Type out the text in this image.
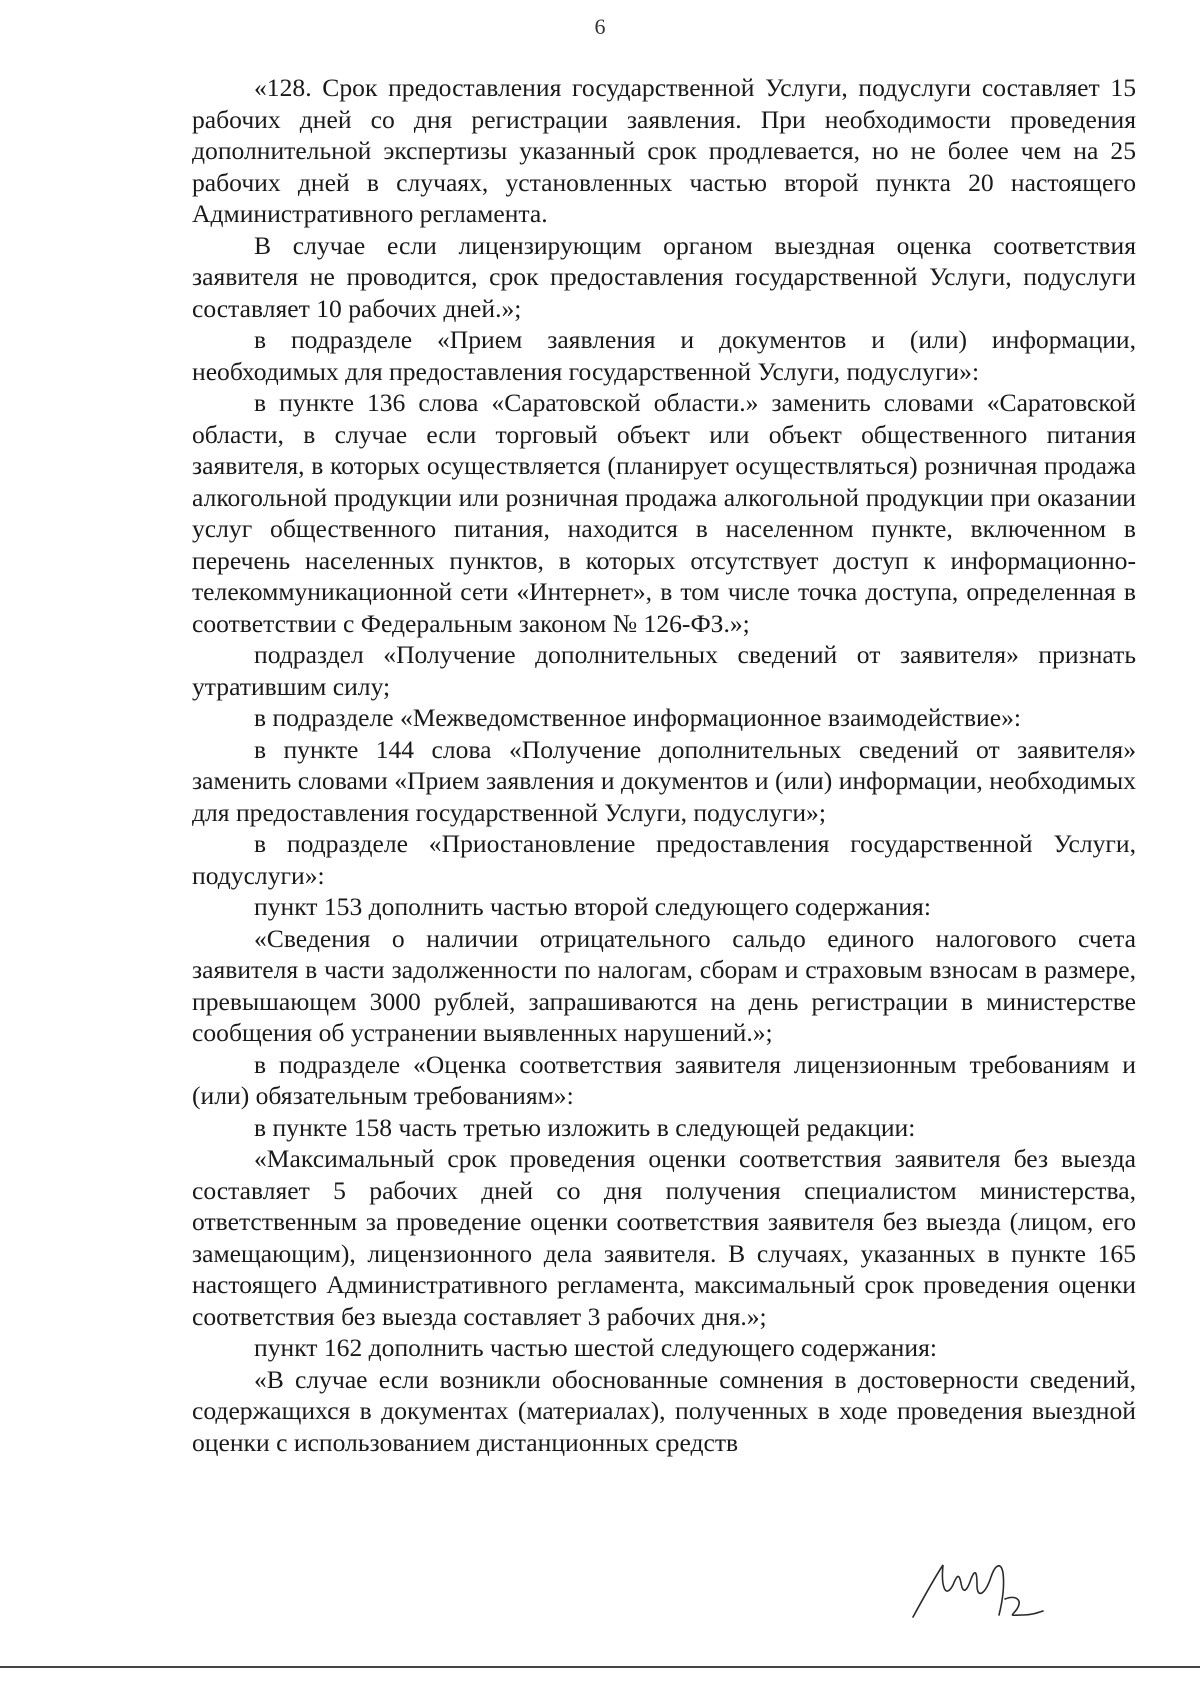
6

«128. Срок предоставления государственной Услуги, подуслуги составляет 15 рабочих дней со дня регистрации заявления. При необходимости проведения дополнительной экспертизы указанный срок продлевается, но не более чем на 25 рабочих дней в случаях, установленных частью второй пункта 20 настоящего Административного регламента.

В случае если лицензирующим органом выездная оценка соответствия заявителя не проводится, срок предоставления государственной Услуги, подуслуги составляет 10 рабочих дней.»;

в подразделе «Прием заявления и документов и (или) информации, необходимых для предоставления государственной Услуги, подуслуги»:

в пункте 136 слова «Саратовской области.» заменить словами «Саратовской области, в случае если торговый объект или объект общественного питания заявителя, в которых осуществляется (планирует осуществляться) розничная продажа алкогольной продукции или розничная продажа алкогольной продукции при оказании услуг общественного питания, находится в населенном пункте, включенном в перечень населенных пунктов, в которых отсутствует доступ к информационно-телекоммуникационной сети «Интернет», в том числе точка доступа, определенная в соответствии с Федеральным законом № 126-ФЗ.»;

подраздел «Получение дополнительных сведений от заявителя» признать утратившим силу;

в подразделе «Межведомственное информационное взаимодействие»:

в пункте 144 слова «Получение дополнительных сведений от заявителя» заменить словами «Прием заявления и документов и (или) информации, необходимых для предоставления государственной Услуги, подуслуги»;

в подразделе «Приостановление предоставления государственной Услуги, подуслуги»:

пункт 153 дополнить частью второй следующего содержания:

«Сведения о наличии отрицательного сальдо единого налогового счета заявителя в части задолженности по налогам, сборам и страховым взносам в размере, превышающем 3000 рублей, запрашиваются на день регистрации в министерстве сообщения об устранении выявленных нарушений.»;

в подразделе «Оценка соответствия заявителя лицензионным требованиям и (или) обязательным требованиям»:

в пункте 158 часть третью изложить в следующей редакции:

«Максимальный срок проведения оценки соответствия заявителя без выезда составляет 5 рабочих дней со дня получения специалистом министерства, ответственным за проведение оценки соответствия заявителя без выезда (лицом, его замещающим), лицензионного дела заявителя. В случаях, указанных в пункте 165 настоящего Административного регламента, максимальный срок проведения оценки соответствия без выезда составляет 3 рабочих дня.»;

пункт 162 дополнить частью шестой следующего содержания:

«В случае если возникли обоснованные сомнения в достоверности сведений, содержащихся в документах (материалах), полученных в ходе проведения выездной оценки с использованием дистанционных средств
